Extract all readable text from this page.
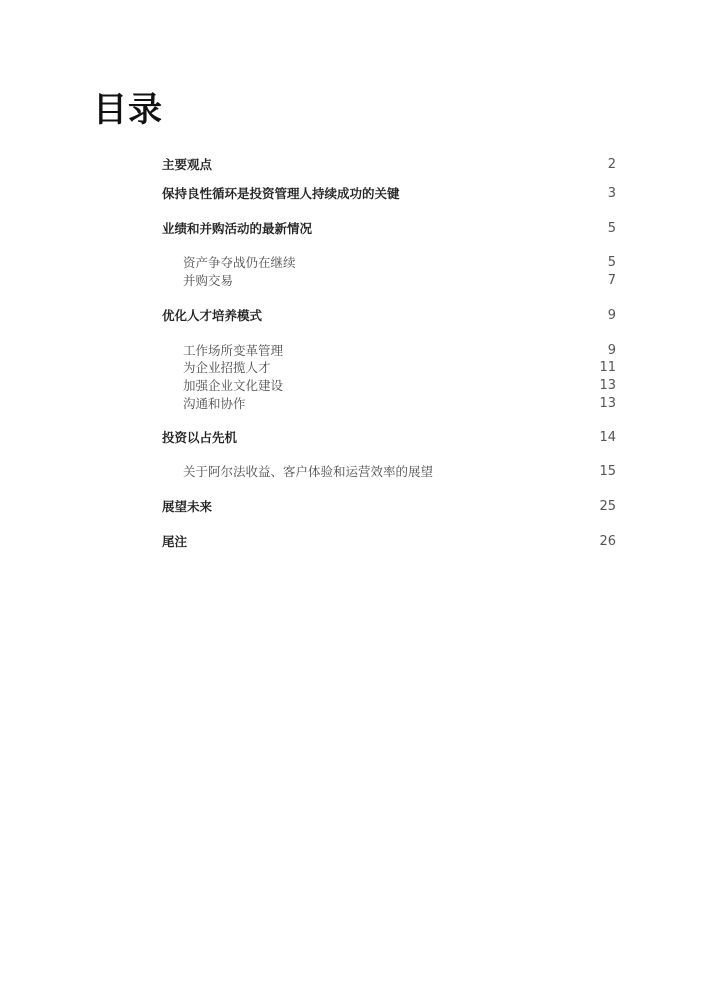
目录
主要观点	2
保持良性循环是投资管理人持续成功的关键	3
业绩和并购活动的最新情况	5
资产争夺战仍在继续	5
并购交易	7
优化人才培养模式	9
工作场所变革管理	9
为企业招揽人才	11
加强企业文化建设	13
沟通和协作	13
投资以占先机	14
关于阿尔法收益、客户体验和运营效率的展望	15
展望未来	25
尾注	26
